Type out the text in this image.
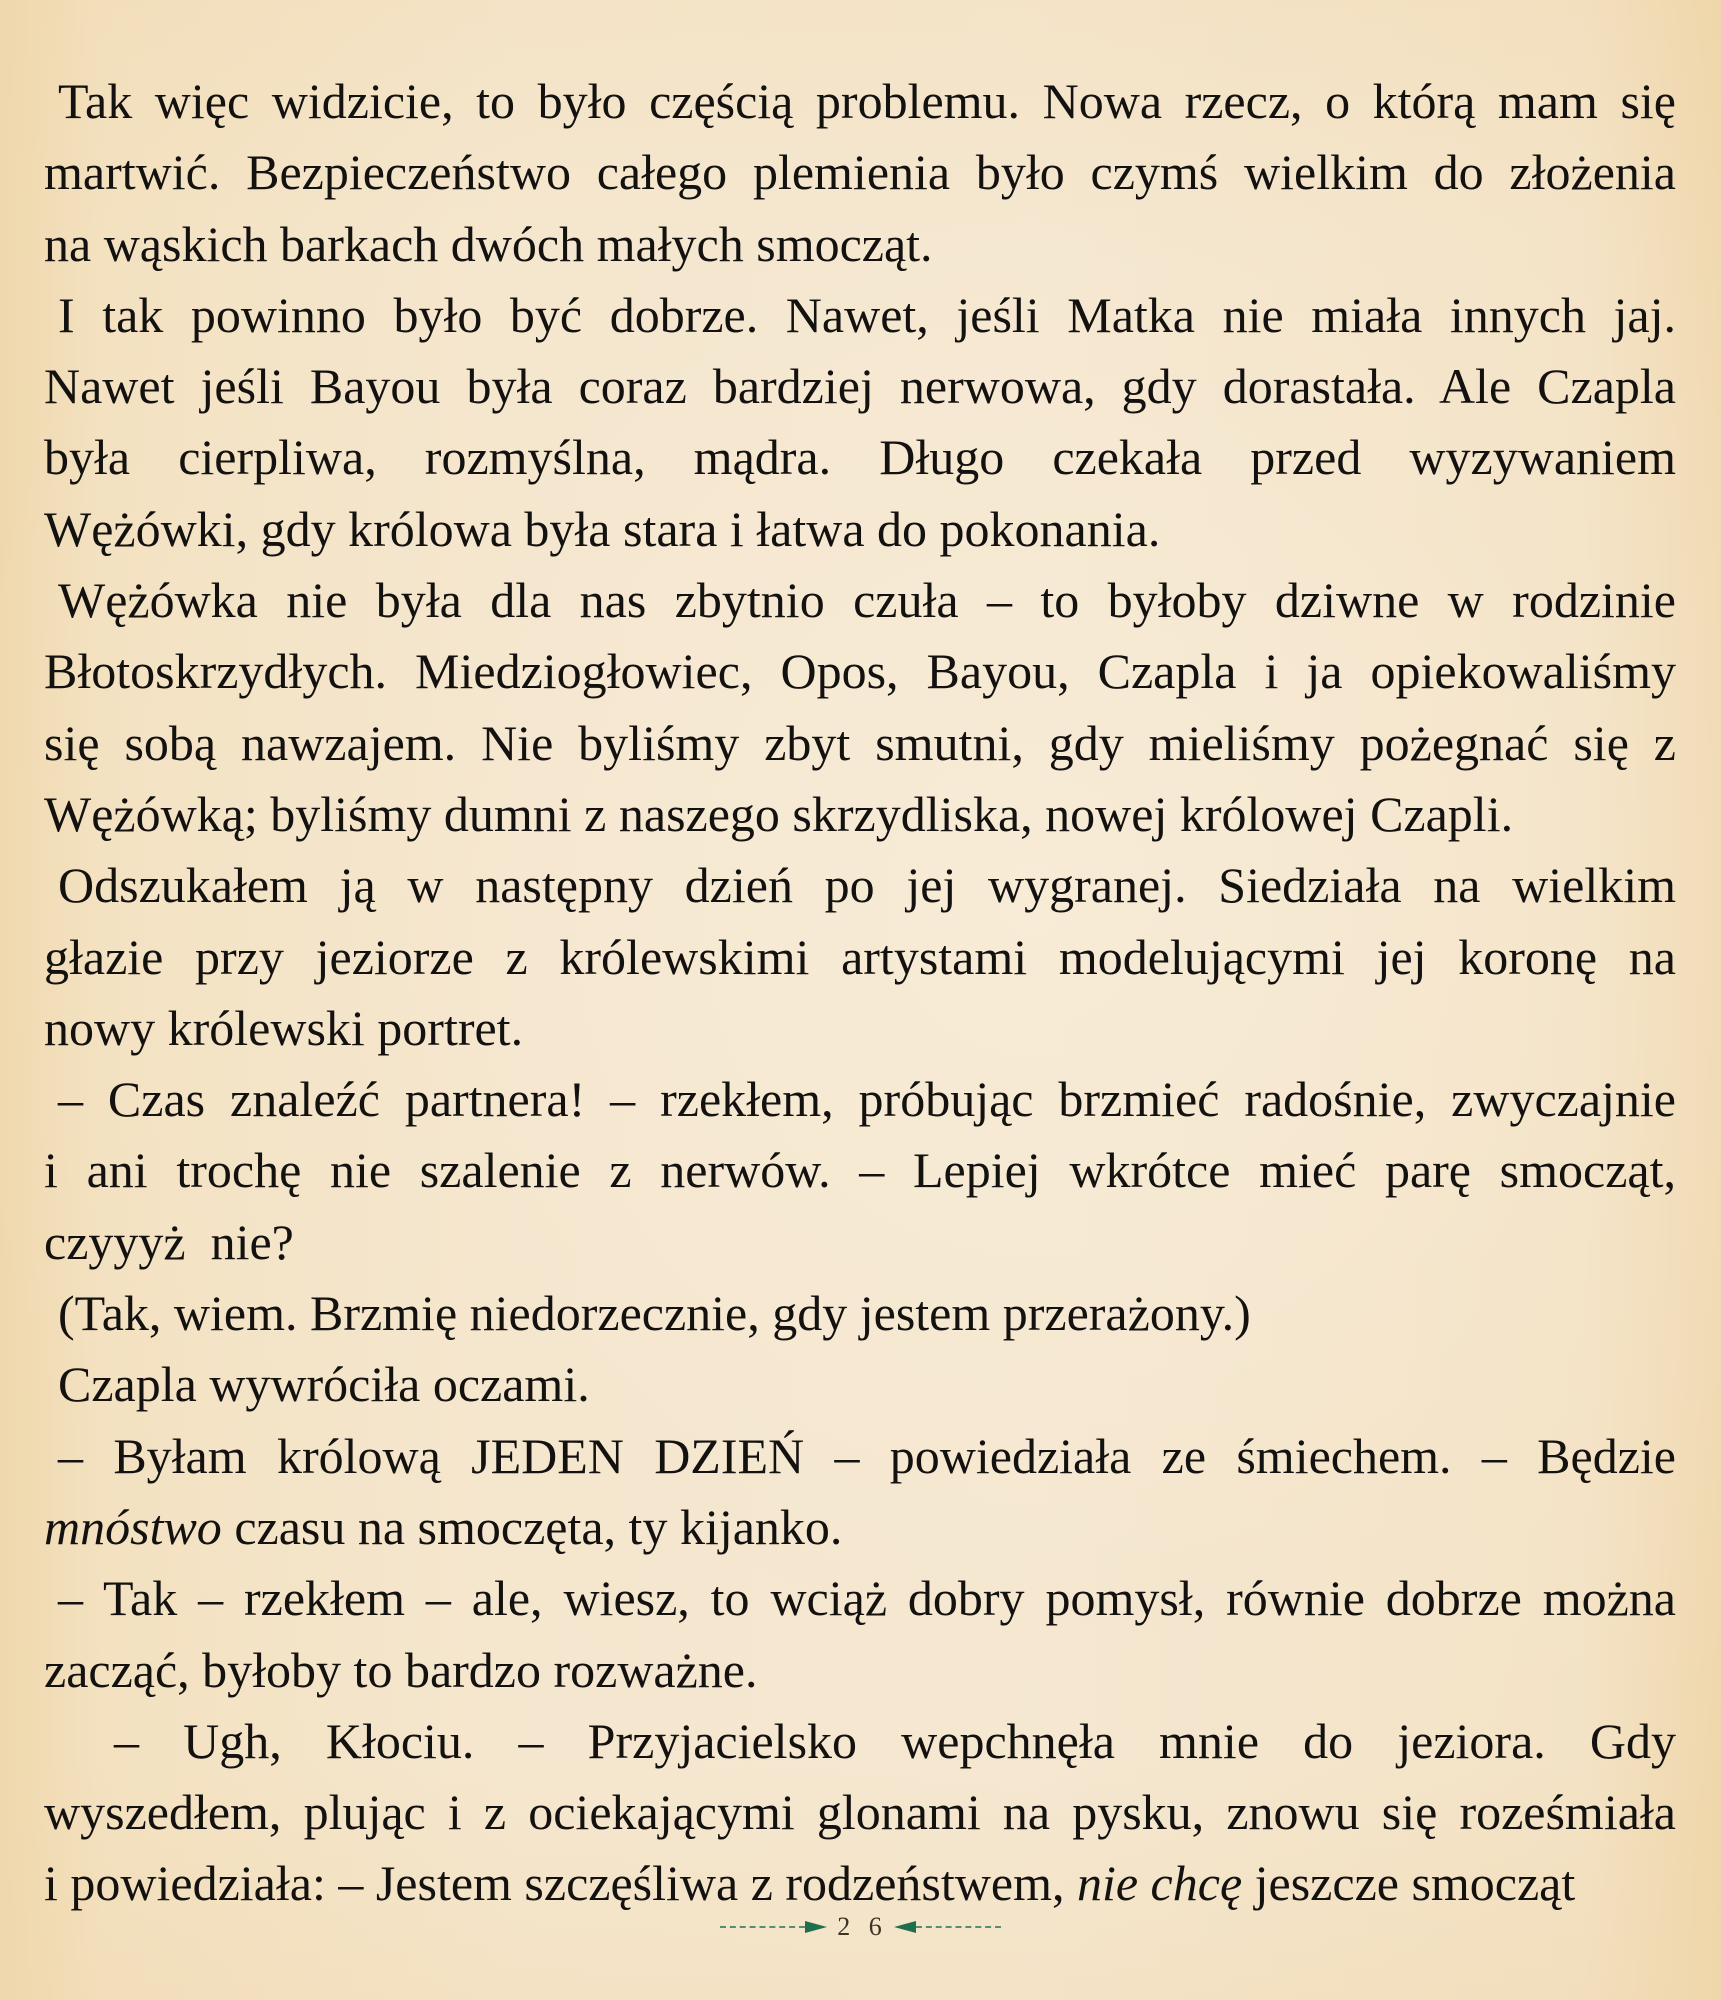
Tak więc widzicie, to było częścią problemu. Nowa rzecz, o którą mam się
martwić. Bezpieczeństwo całego plemienia było czymś wielkim do złożenia
na wąskich barkach dwóch małych smocząt.
I tak powinno było być dobrze. Nawet, jeśli Matka nie miała innych jaj.
Nawet jeśli Bayou była coraz bardziej nerwowa, gdy dorastała. Ale Czapla
była cierpliwa, rozmyślna, mądra. Długo czekała przed wyzywaniem
Wężówki, gdy królowa była stara i łatwa do pokonania.
Wężówka nie była dla nas zbytnio czuła – to byłoby dziwne w rodzinie
Błotoskrzydłych. Miedziogłowiec, Opos, Bayou, Czapla i ja opiekowaliśmy
się sobą nawzajem. Nie byliśmy zbyt smutni, gdy mieliśmy pożegnać się z
Wężówką; byliśmy dumni z naszego skrzydliska, nowej królowej Czapli.
Odszukałem ją w następny dzień po jej wygranej. Siedziała na wielkim
głazie przy jeziorze z królewskimi artystami modelującymi jej koronę na
nowy królewski portret.
– Czas znaleźć partnera! – rzekłem, próbując brzmieć radośnie, zwyczajnie
i ani trochę nie szalenie z nerwów. – Lepiej wkrótce mieć parę smocząt,
czyyyż  nie?
(Tak, wiem. Brzmię niedorzecznie, gdy jestem przerażony.)
Czapla wywróciła oczami.
– Byłam królową JEDEN DZIEŃ – powiedziała ze śmiechem. – Będzie
mnóstwo czasu na smoczęta, ty kijanko.
– Tak – rzekłem – ale, wiesz, to wciąż dobry pomysł, równie dobrze można
zacząć, byłoby to bardzo rozważne.
– Ugh, Kłociu. – Przyjacielsko wepchnęła mnie do jeziora. Gdy
wyszedłem, plując i z ociekającymi glonami na pysku, znowu się roześmiała
i powiedziała: – Jestem szczęśliwa z rodzeństwem, nie chcę jeszcze smocząt
2 6
